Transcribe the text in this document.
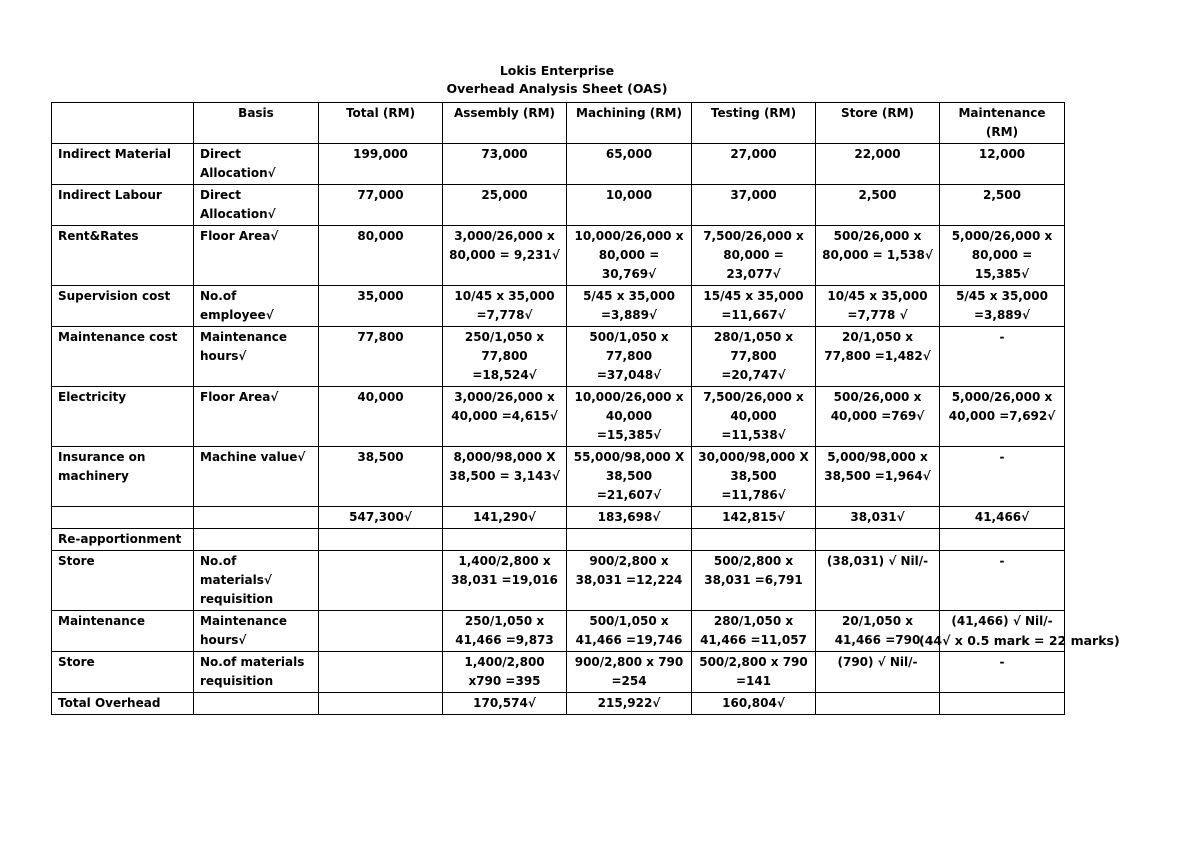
Lokis Enterprise
Overhead Analysis Sheet (OAS)
	Basis	Total (RM)	Assembly (RM)	Machining (RM)	Testing (RM)	Store (RM)	Maintenance (RM)
Indirect Material	Direct Allocation√	199,000	73,000	65,000	27,000	22,000	12,000
Indirect Labour	Direct Allocation√	77,000	25,000	10,000	37,000	2,500	2,500
Rent&Rates	Floor Area√	80,000	3,000/26,000 x 80,000 = 9,231√	10,000/26,000 x 80,000 = 30,769√	7,500/26,000 x 80,000 = 23,077√	500/26,000 x 80,000 = 1,538√	5,000/26,000 x 80,000 = 15,385√
Supervision cost	No.of employee√	35,000	10/45 x 35,000 =7,778√	5/45 x 35,000 =3,889√	15/45 x 35,000 =11,667√	10/45 x 35,000 =7,778 √	5/45 x 35,000 =3,889√
Maintenance cost	Maintenance hours√	77,800	250/1,050 x 77,800 =18,524√	500/1,050 x 77,800 =37,048√	280/1,050 x 77,800 =20,747√	20/1,050 x 77,800 =1,482√	-
Electricity	Floor Area√	40,000	3,000/26,000 x 40,000 =4,615√	10,000/26,000 x 40,000 =15,385√	7,500/26,000 x 40,000 =11,538√	500/26,000 x 40,000 =769√	5,000/26,000 x 40,000 =7,692√
Insurance on machinery	Machine value√	38,500	8,000/98,000 X 38,500 = 3,143√	55,000/98,000 X 38,500 =21,607√	30,000/98,000 X 38,500 =11,786√	5,000/98,000 x 38,500 =1,964√	-
		547,300√	141,290√	183,698√	142,815√	38,031√	41,466√
Re-apportionment							
Store	No.of materials√ requisition		1,400/2,800 x 38,031 =19,016	900/2,800 x 38,031 =12,224	500/2,800 x 38,031 =6,791	(38,031) √ Nil/-	-
Maintenance	Maintenance hours√		250/1,050 x 41,466 =9,873	500/1,050 x 41,466 =19,746	280/1,050 x 41,466 =11,057	20/1,050 x 41,466 =790	(41,466) √ Nil/-
Store	No.of materials requisition		1,400/2,800 x790 =395	900/2,800 x 790 =254	500/2,800 x 790 =141	(790) √ Nil/-	-
Total Overhead			170,574√	215,922√	160,804√		
(44√ x 0.5 mark = 22 marks)
